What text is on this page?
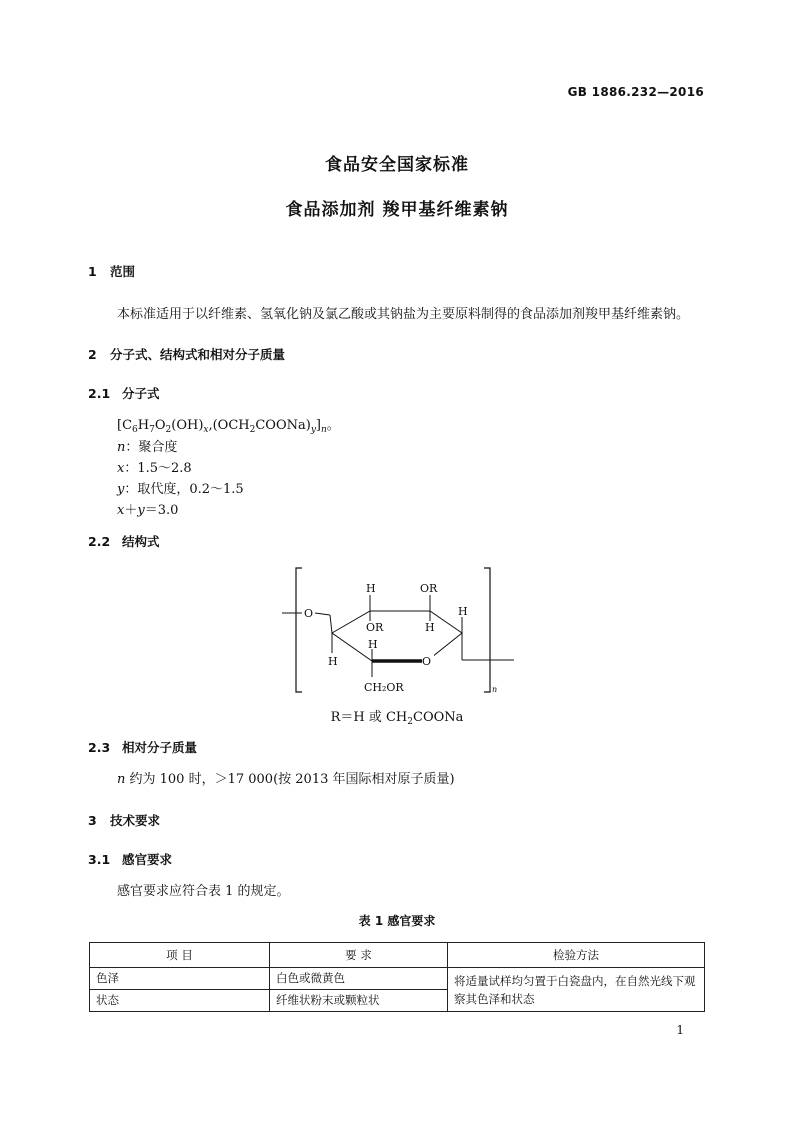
GB 1886.232—2016
食品安全国家标准
食品添加剂 羧甲基纤维素钠
1 范围
本标准适用于以纤维素、氢氧化钠及氯乙酸或其钠盐为主要原料制得的食品添加剂羧甲基纤维素钠。
2 分子式、结构式和相对分子质量
2.1 分子式
$[C_6H_7O_2(OH)_x,(OCH_2COONa)_y]_n$。
n：聚合度
x：1.5～2.8
y：取代度，0.2～1.5
x＋y＝3.0
2.2 结构式
O
O
H	OR
OR	H
H
H
H
CH₂OR	n
R＝H 或 $CH_2COONa$
2.3 相对分子质量
n 约为 100 时，＞17 000(按 2013 年国际相对原子质量)
3 技术要求
3.1 感官要求
感官要求应符合表 1 的规定。
表 1 感官要求
项 目	要 求	检验方法
色泽	白色或微黄色	将适量试样均匀置于白瓷盘内，在自然光线下观察其色泽和状态
状态	纤维状粉末或颗粒状	
1
